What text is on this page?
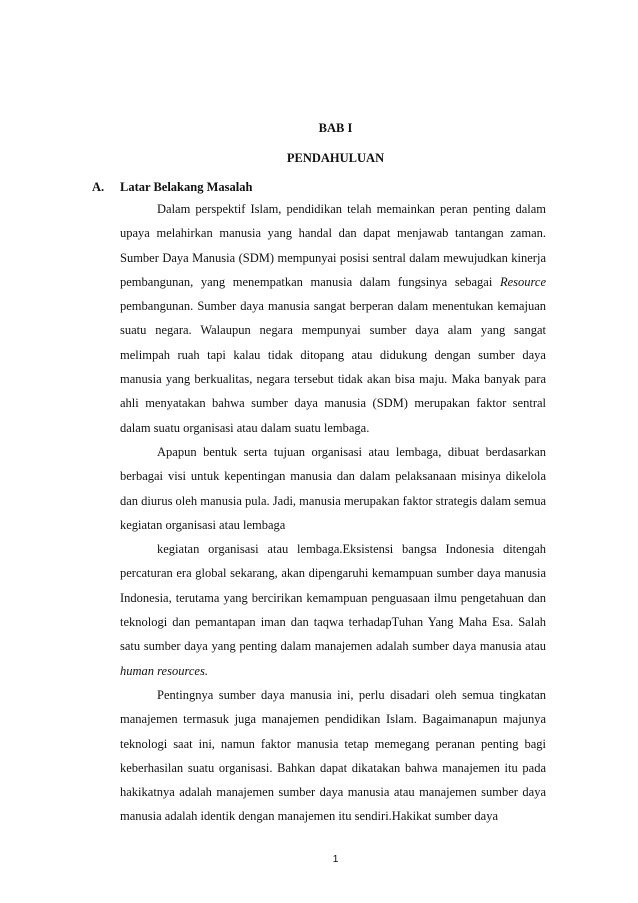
BAB I
PENDAHULUAN
A. Latar Belakang Masalah

Dalam perspektif Islam, pendidikan telah memainkan peran penting dalam upaya melahirkan manusia yang handal dan dapat menjawab tantangan zaman. Sumber Daya Manusia (SDM) mempunyai posisi sentral dalam mewujudkan kinerja pembangunan, yang menempatkan manusia dalam fungsinya sebagai Resource pembangunan. Sumber daya manusia sangat berperan dalam menentukan kemajuan suatu negara. Walaupun negara mempunyai sumber daya alam yang sangat melimpah ruah tapi kalau tidak ditopang atau didukung dengan sumber daya manusia yang berkualitas, negara tersebut tidak akan bisa maju. Maka banyak para ahli menyatakan bahwa sumber daya manusia (SDM) merupakan faktor sentral dalam suatu organisasi atau dalam suatu lembaga.

Apapun bentuk serta tujuan organisasi atau lembaga, dibuat berdasarkan berbagai visi untuk kepentingan manusia dan dalam pelaksanaan misinya dikelola dan diurus oleh manusia pula. Jadi, manusia merupakan faktor strategis dalam semua kegiatan organisasi atau lembaga

kegiatan organisasi atau lembaga.Eksistensi bangsa Indonesia ditengah percaturan era global sekarang, akan dipengaruhi kemampuan sumber daya manusia Indonesia, terutama yang bercirikan kemampuan penguasaan ilmu pengetahuan dan teknologi dan pemantapan iman dan taqwa terhadapTuhan Yang Maha Esa. Salah satu sumber daya yang penting dalam manajemen adalah sumber daya manusia atau human resources.

Pentingnya sumber daya manusia ini, perlu disadari oleh semua tingkatan manajemen termasuk juga manajemen pendidikan Islam. Bagaimanapun majunya teknologi saat ini, namun faktor manusia tetap memegang peranan penting bagi keberhasilan suatu organisasi. Bahkan dapat dikatakan bahwa manajemen itu pada hakikatnya adalah manajemen sumber daya manusia atau manajemen sumber daya manusia adalah identik dengan manajemen itu sendiri.Hakikat sumber daya

1
